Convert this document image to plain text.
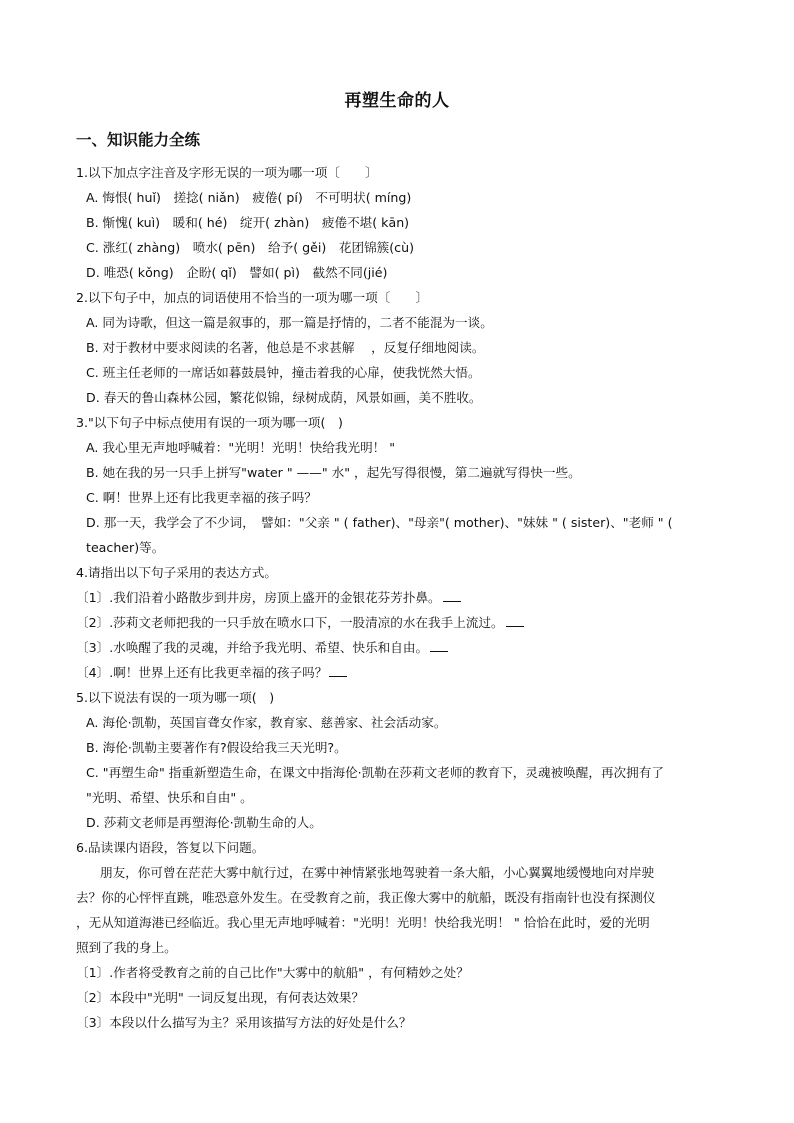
再塑生命的人
一、知识能力全练
1.以下加点字注音及字形无误的一项为哪一项〔　　〕
A. 悔恨( huǐ)　搓捻( niǎn)　疲倦( pí)　不可明状( míng)
B. 惭愧( kuì)　暖和( hé)　绽开( zhàn)　疲倦不堪( kān)
C. 涨红( zhàng)　喷水( pēn)　给予( gěi)　花团锦簇(cù)
D. 唯恐( kǒng)　企盼( qǐ)　譬如( pì)　截然不同(jié)
2.以下句子中，加点的词语使用不恰当的一项为哪一项〔　　〕
A. 同为诗歌，但这一篇是叙事的，那一篇是抒情的，二者不能混为一谈。
B. 对于教材中要求阅读的名著，他总是不求甚解　 ，反复仔细地阅读。
C. 班主任老师的一席话如暮鼓晨钟，撞击着我的心扉，使我恍然大悟。
D. 春天的鲁山森林公园，繁花似锦，绿树成荫，风景如画，美不胜收。
3."以下句子中标点使用有误的一项为哪一项(　)
A. 我心里无声地呼喊着："光明！光明！快给我光明！ "
B. 她在我的另一只手上拼写"water " ——" 水" ，起先写得很慢，第二遍就写得快一些。
C. 啊！世界上还有比我更幸福的孩子吗？
D. 那一天，我学会了不少词，　譬如："父亲 " ( father)、"母亲"( mother)、"妹妹 " ( sister)、"老师 " (
teacher)等。
4.请指出以下句子采用的表达方式。
〔1〕.我们沿着小路散步到井房，房顶上盛开的金银花芬芳扑鼻。
〔2〕.莎莉文老师把我的一只手放在喷水口下，一股清凉的水在我手上流过。
〔3〕.水唤醒了我的灵魂，并给予我光明、希望、快乐和自由。
〔4〕.啊！世界上还有比我更幸福的孩子吗？
5.以下说法有误的一项为哪一项(　)
A. 海伦·凯勒，英国盲聋女作家，教育家、慈善家、社会活动家。
B. 海伦·凯勒主要著作有?假设给我三天光明?。
C. "再塑生命" 指重新塑造生命，在课文中指海伦·凯勒在莎莉文老师的教育下，灵魂被唤醒，再次拥有了
"光明、希望、快乐和自由" 。
D. 莎莉文老师是再塑海伦·凯勒生命的人。
6.品读课内语段，答复以下问题。
朋友，你可曾在茫茫大雾中航行过，在雾中神情紧张地驾驶着一条大船，小心翼翼地缓慢地向对岸驶
去？你的心怦怦直跳，唯恐意外发生。在受教育之前，我正像大雾中的航船，既没有指南针也没有探测仪
，无从知道海港已经临近。我心里无声地呼喊着："光明！光明！快给我光明！ " 恰恰在此时，爱的光明
照到了我的身上。
〔1〕.作者将受教育之前的自己比作"大雾中的航船" ，有何精妙之处？
〔2〕本段中"光明" 一词反复出现，有何表达效果？
〔3〕本段以什么描写为主？采用该描写方法的好处是什么？
